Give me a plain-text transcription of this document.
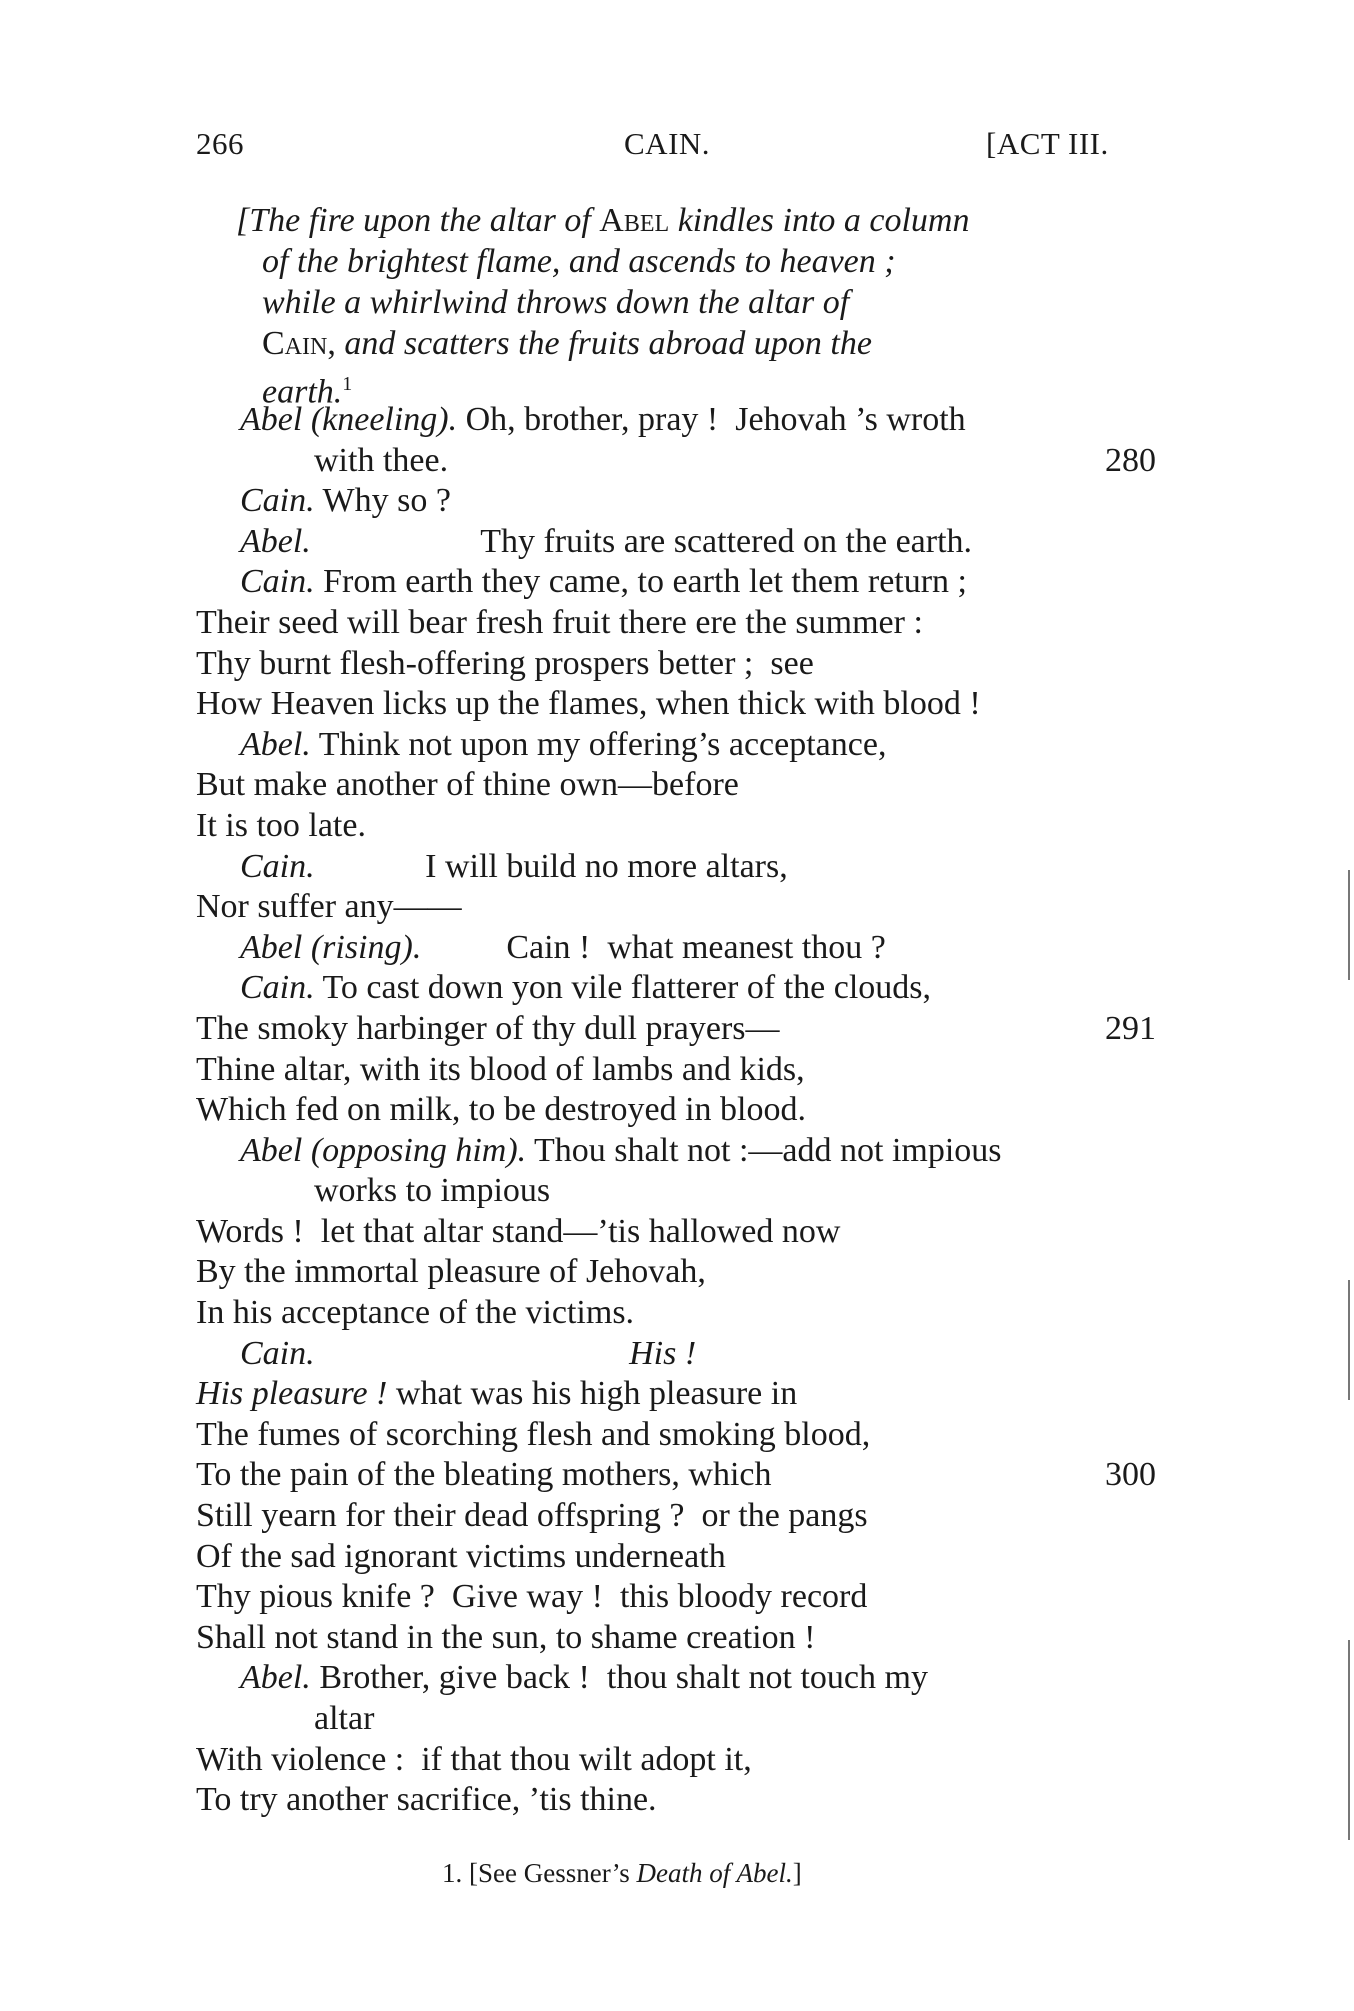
266	CAIN.	[ACT III.
[The fire upon the altar of Abel kindles into a column
of the brightest flame, and ascends to heaven ;
while a whirlwind throws down the altar of
Cain, and scatters the fruits abroad upon the
earth.$^1$
Abel (kneeling). Oh, brother, pray !  Jehovah ’s wroth
with thee.	280
Cain. Why so ?
Abel.                    Thy fruits are scattered on the earth.
Cain. From earth they came, to earth let them return ;
Their seed will bear fresh fruit there ere the summer :
Thy burnt flesh-offering prospers better ;  see
How Heaven licks up the flames, when thick with blood !
Abel. Think not upon my offering’s acceptance,
But make another of thine own—before
It is too late.
Cain.             I will build no more altars,
Nor suffer any——
Abel (rising).          Cain !  what meanest thou ?
Cain. To cast down yon vile flatterer of the clouds,
The smoky harbinger of thy dull prayers—	291
Thine altar, with its blood of lambs and kids,
Which fed on milk, to be destroyed in blood.
Abel (opposing him). Thou shalt not :—add not impious
works to impious
Words !  let that altar stand—’tis hallowed now
By the immortal pleasure of Jehovah,
In his acceptance of the victims.
Cain.	His !
His pleasure ! what was his high pleasure in
The fumes of scorching flesh and smoking blood,
To the pain of the bleating mothers, which	300
Still yearn for their dead offspring ?  or the pangs
Of the sad ignorant victims underneath
Thy pious knife ?  Give way !  this bloody record
Shall not stand in the sun, to shame creation !
Abel. Brother, give back !  thou shalt not touch my
altar
With violence :  if that thou wilt adopt it,
To try another sacrifice, ’tis thine.
1. [See Gessner’s Death of Abel.]
